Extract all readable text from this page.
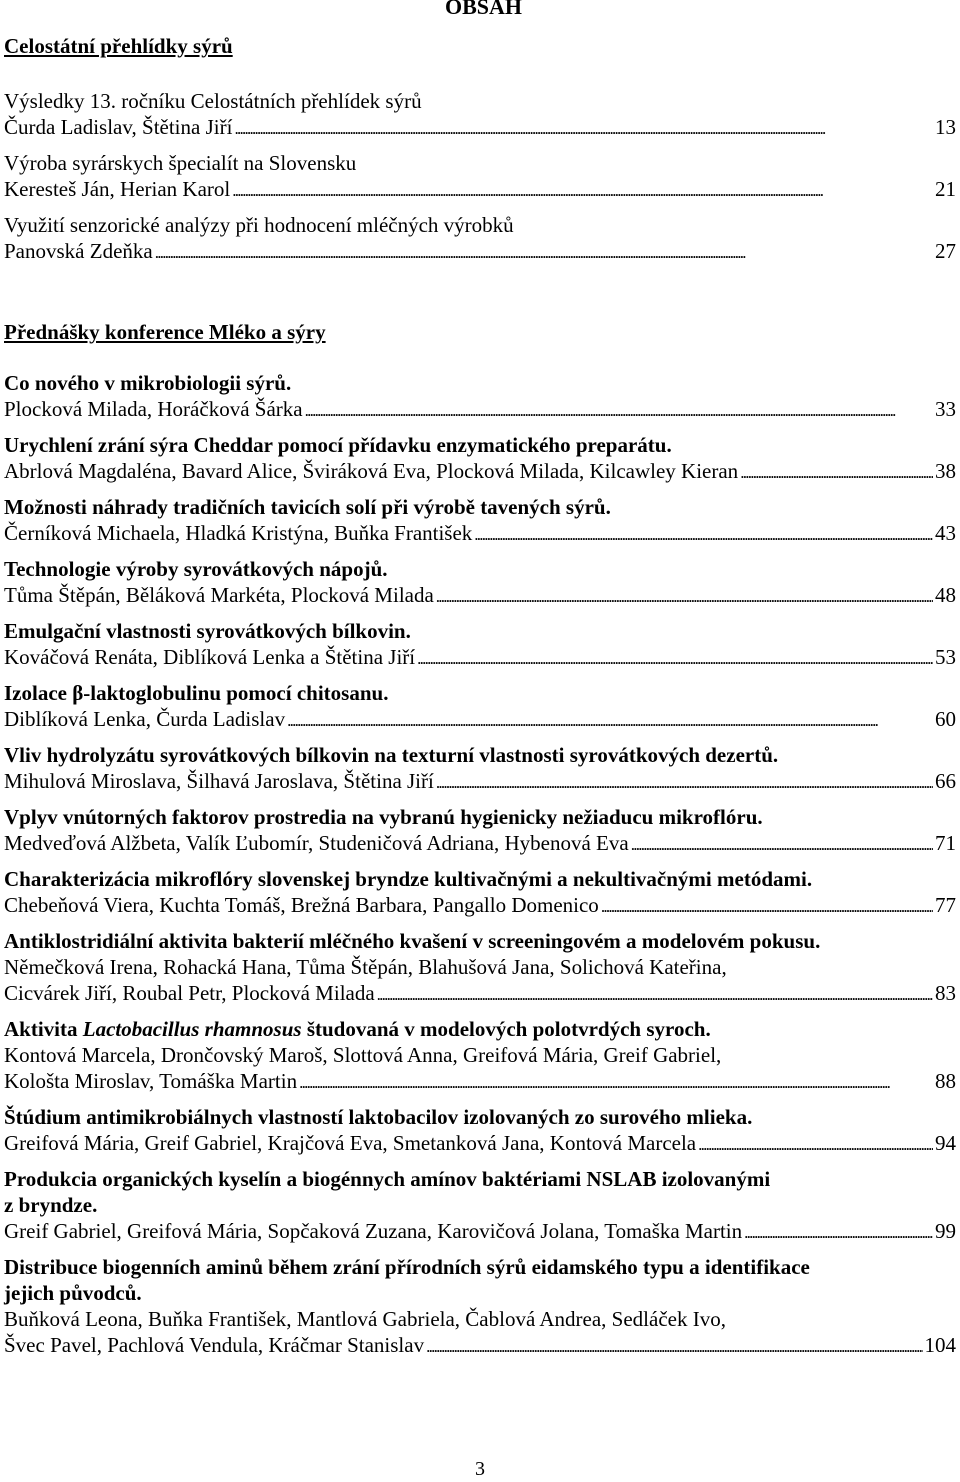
OBSAH
Celostátní přehlídky sýrů
Výsledky 13. ročníku Celostátních přehlídek sýrů
Čurda Ladislav, Štětina Jiří . . .	13
Výroba syrárskych špecialít na Slovensku
Kerestеš Ján, Herian Karol . . .	21
Využití senzorické analýzy při hodnocení mléčných výrobků
Panovská Zdeňka . . .	27
Přednášky konference Mléko a sýry
Co nového v mikrobiologii sýrů.
Plocková Milada, Horáčková Šárka . . .	33
Urychlení zrání sýra Cheddar pomocí přídavku enzymatického preparátu.
Abrlová Magdaléna, Bavard Alice, Šviráková Eva, Plocková Milada, Kilcawley Kieran . . .	38
Možnosti náhrady tradičních tavicích solí při výrobě tavených sýrů.
Černíková Michaela, Hladká Kristýna, Buňka František . . .	43
Technologie výroby syrovátkových nápojů.
Tůma Štěpán, Běláková Markéta, Plocková Milada . . .	48
Emulgační vlastnosti syrovátkových bílkovin.
Kováčová Renáta, Diblíková Lenka a Štětina Jiří . . .	53
Izolace β-laktoglobulinu pomocí chitosanu.
Diblíková Lenka, Čurda Ladislav . . .	60
Vliv hydrolyzátu syrovátkových bílkovin na texturní vlastnosti syrovátkových dezertů.
Mihulová Miroslava, Šilhavá Jaroslava, Štětina Jiří . . .	66
Vplyv vnútorných faktorov prostredia na vybranú hygienicky nežiaducu mikroflóru.
Medveďová Alžbeta, Valík Ľubomír, Studeničová Adriana, Hybenová Eva . . .	71
Charakterizácia mikroflóry slovenskej bryndze kultivačnými a nekultivačnými metódami.
Chebeňová Viera, Kuchta Tomáš, Brežná Barbara, Pangallo Domenico . . .	77
Antiklostridiální aktivita bakterií mléčného kvašení v screeningovém a modelovém pokusu.
Němečková Irena, Rohacká Hana, Tůma Štěpán, Blahušová Jana, Solichová Kateřina,
Cicvárek Jiří, Roubal Petr, Plocková Milada . . .	83
Aktivita Lactobacillus rhamnosus študovaná v modelových polotvrdých syroch.
Kontová Marcela, Drončovský Maroš, Slottová Anna, Greifová Mária, Greif Gabriel,
Kološta Miroslav, Tomáška Martin . . .	88
Štúdium antimikrobiálnych vlastností laktobacilov izolovaných zo surového mlieka.
Greifová Mária, Greif Gabriel, Krajčová Eva, Smetanková Jana, Kontová Marcela . . .	94
Produkcia organických kyselín a biogénnych amínov baktériami NSLAB izolovanými
z bryndze.
Greif Gabriel, Greifová Mária, Sopčaková Zuzana, Karovičová Jolana, Tomaška Martin . . .	99
Distribuce biogenních aminů během zrání přírodních sýrů eidamského typu a identifikace
jejich původců.
Buňková Leona, Buňka František, Mantlová Gabriela, Čablová Andrea, Sedláček Ivo,
Švec Pavel, Pachlová Vendula, Kráčmar Stanislav . . .	104
3
